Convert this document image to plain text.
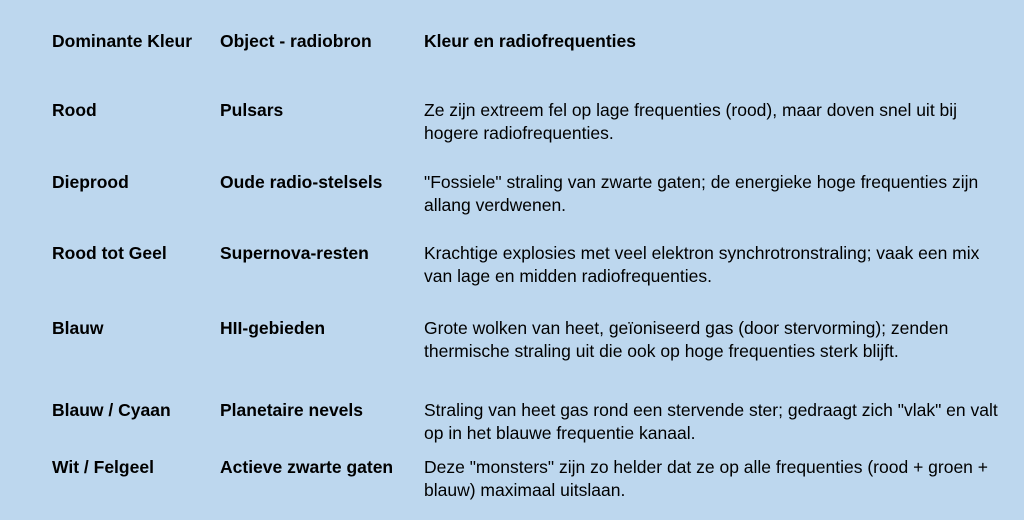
Dominante Kleur	Object - radiobron	Kleur en radiofrequenties
Rood	Pulsars	Ze zijn extreem fel op lage frequenties (rood), maar doven snel uit bij hogere radiofrequenties.
Dieprood	Oude radio-stelsels	"Fossiele" straling van zwarte gaten; de energieke hoge frequenties zijn allang verdwenen.
Rood tot Geel	Supernova-resten	Krachtige explosies met veel elektron synchrotronstraling; vaak een mix van lage en midden radiofrequenties.
Blauw	HII-gebieden	Grote wolken van heet, geïoniseerd gas (door stervorming); zenden thermische straling uit die ook op hoge frequenties sterk blijft.
Blauw / Cyaan	Planetaire nevels	Straling van heet gas rond een stervende ster; gedraagt zich "vlak" en valt op in het blauwe frequentie kanaal.
Wit / Felgeel	Actieve zwarte gaten	Deze "monsters" zijn zo helder dat ze op alle frequenties (rood + groen + blauw) maximaal uitslaan.
